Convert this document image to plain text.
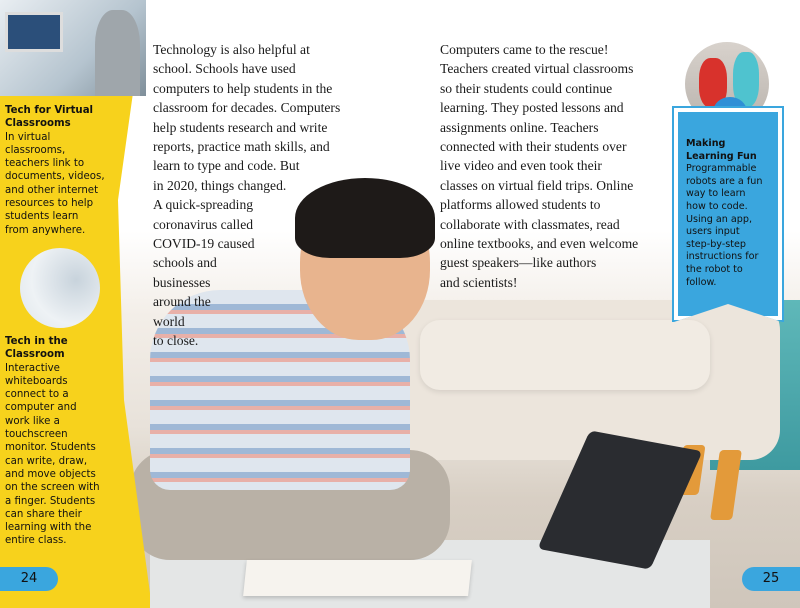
Tech for Virtual
Classrooms
In virtual
classrooms,
teachers link to
documents, videos,
and other internet
resources to help
students learn
from anywhere.
Tech in the
Classroom
Interactive
whiteboards
connect to a
computer and
work like a
touchscreen
monitor. Students
can write, draw,
and move objects
on the screen with
a finger. Students
can share their
learning with the
entire class.
Technology is also helpful at
school. Schools have used
computers to help students in the
classroom for decades. Computers
help students research and write
reports, practice math skills, and
learn to type and code. But
in 2020, things changed.
A quick-spreading
coronavirus called
COVID-19 caused
schools and
businesses
around the
world
to close.
Computers came to the rescue!
Teachers created virtual classrooms
so their students could continue
learning. They posted lessons and
assignments online. Teachers
connected with their students over
live video and even took their
classes on virtual field trips. Online
platforms allowed students to
collaborate with classmates, read
online textbooks, and even welcome
guest speakers—like authors
and scientists!
Making
Learning Fun
Programmable
robots are a fun
way to learn
how to code.
Using an app,
users input
step-by-step
instructions for
the robot to
follow.
24	25
